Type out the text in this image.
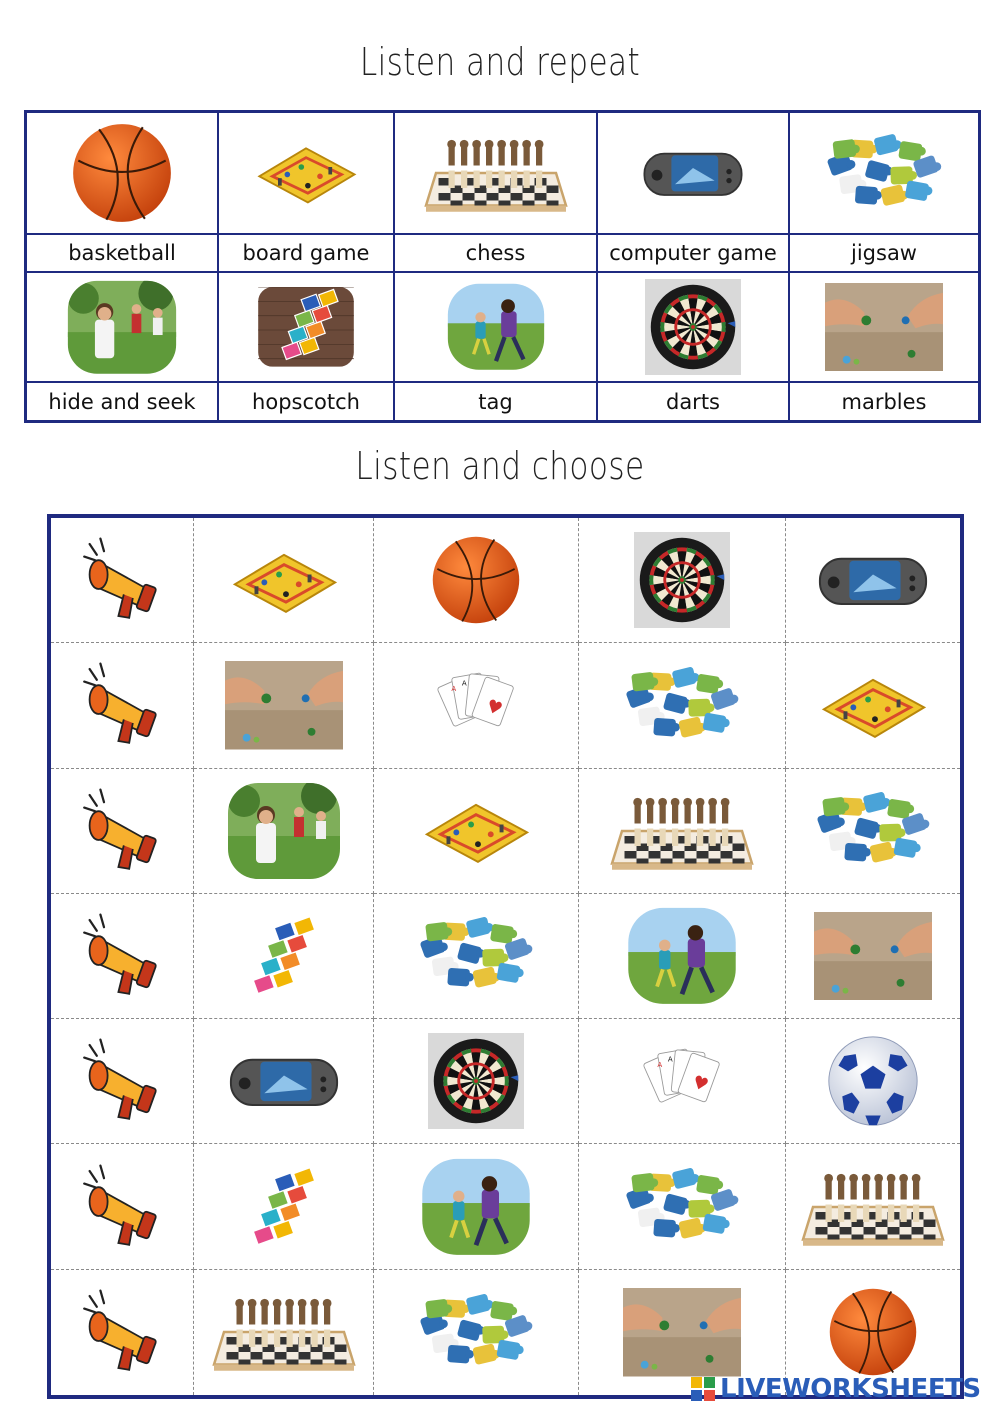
Listen and repeat
basketball	board game	chess	computer game	jigsaw
hide and seek	hopscotch	tag	darts	marbles
Listen and choose
A
A
A
A
LIVEWORKSHEETS
